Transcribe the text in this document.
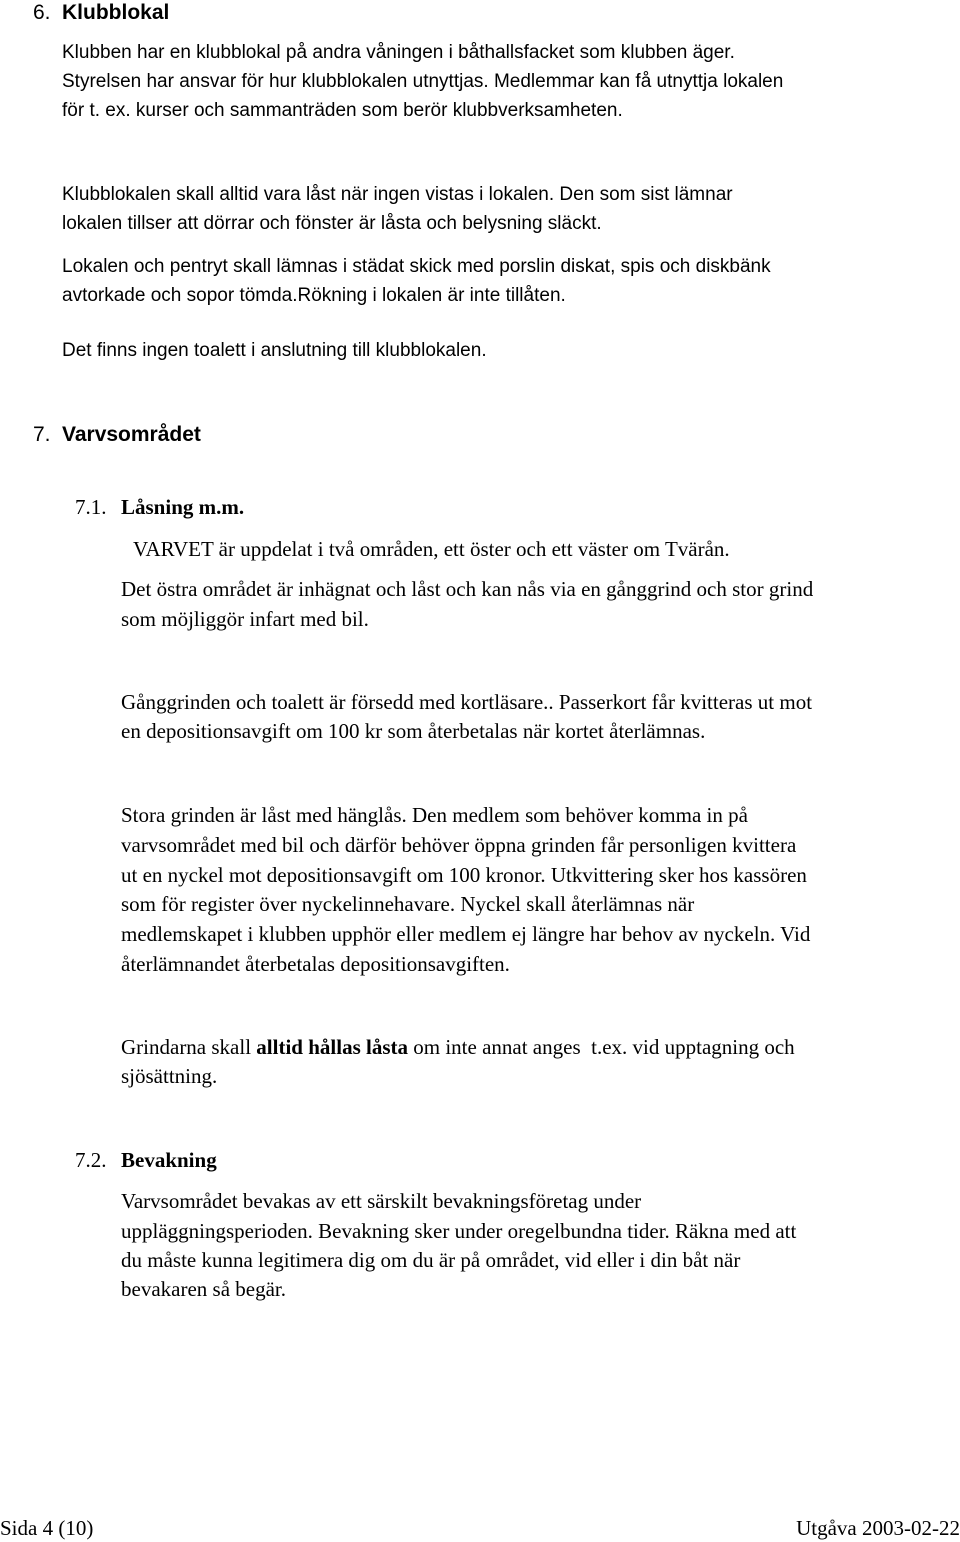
6. Klubblokal
Klubben har en klubblokal på andra våningen i båthallsfacket som klubben äger.
Styrelsen har ansvar för hur klubblokalen utnyttjas. Medlemmar kan få utnyttja lokalen
för t. ex. kurser och sammanträden som berör klubbverksamheten.
Klubblokalen skall alltid vara låst när ingen vistas i lokalen. Den som sist lämnar
lokalen tillser att dörrar och fönster är låsta och belysning släckt.
Lokalen och pentryt skall lämnas i städat skick med porslin diskat, spis och diskbänk
avtorkade och sopor tömda.Rökning i lokalen är inte tillåten.
Det finns ingen toalett i anslutning till klubblokalen.
7. Varvsområdet
7.1. Låsning m.m.
VARVET är uppdelat i två områden, ett öster och ett väster om Tvärån.
Det östra området är inhägnat och låst och kan nås via en gånggrind och stor grind
som möjliggör infart med bil.
Gånggrinden och toalett är försedd med kortläsare.. Passerkort får kvitteras ut mot
en depositionsavgift om 100 kr som återbetalas när kortet återlämnas.
Stora grinden är låst med hänglås. Den medlem som behöver komma in på
varvsområdet med bil och därför behöver öppna grinden får personligen kvittera
ut en nyckel mot depositionsavgift om 100 kronor. Utkvittering sker hos kassören
som för register över nyckelinnehavare. Nyckel skall återlämnas när
medlemskapet i klubben upphör eller medlem ej längre har behov av nyckeln. Vid
återlämnandet återbetalas depositionsavgiften.
Grindarna skall alltid hållas låsta om inte annat anges  t.ex. vid upptagning och
sjösättning.
7.2. Bevakning
Varvsområdet bevakas av ett särskilt bevakningsföretag under
uppläggningsperioden. Bevakning sker under oregelbundna tider. Räkna med att
du måste kunna legitimera dig om du är på området, vid eller i din båt när
bevakaren så begär.
Sida 4 (10)	Utgåva 2003-02-22
